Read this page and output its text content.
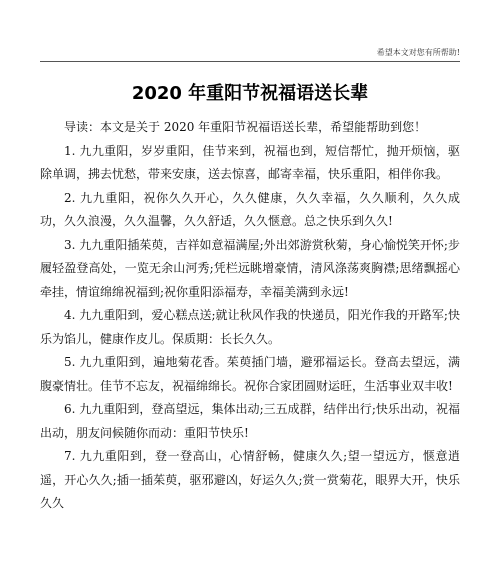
希望本文对您有所帮助!
2020 年重阳节祝福语送长辈

导读：本文是关于 2020 年重阳节祝福语送长辈，希望能帮助到您！

1. 九九重阳，岁岁重阳，佳节来到，祝福也到，短信帮忙，抛开烦恼，驱除单调，拂去忧愁，带来安康，送去惊喜，邮寄幸福，快乐重阳，相伴你我。

2. 九九重阳，祝你久久开心，久久健康，久久幸福，久久顺利，久久成功，久久浪漫，久久温馨，久久舒适，久久惬意。总之快乐到久久!

3. 九九重阳插茱萸，吉祥如意福满屋;外出郊游赏秋菊，身心愉悦笑开怀;步履轻盈登高处，一览无余山河秀;凭栏远眺增豪情，清风涤荡爽胸襟;思绪飘摇心牵挂，情谊绵绵祝福到;祝你重阳添福寿，幸福美满到永远!

4. 九九重阳到，爱心糕点送;就让秋风作我的快递员，阳光作我的开路军;快乐为馅儿，健康作皮儿。保质期：长长久久。

5. 九九重阳到，遍地菊花香。茱萸插门墙，避邪福运长。登高去望远，满腹豪情壮。佳节不忘友，祝福绵绵长。祝你合家团圆财运旺，生活事业双丰收!

6. 九九重阳到，登高望远，集体出动;三五成群，结伴出行;快乐出动，祝福出动，朋友问候随你而动：重阳节快乐!

7. 九九重阳到，登一登高山，心情舒畅，健康久久;望一望远方，惬意逍遥，开心久久;插一插茱萸，驱邪避凶，好运久久;赏一赏菊花，眼界大开，快乐久久
